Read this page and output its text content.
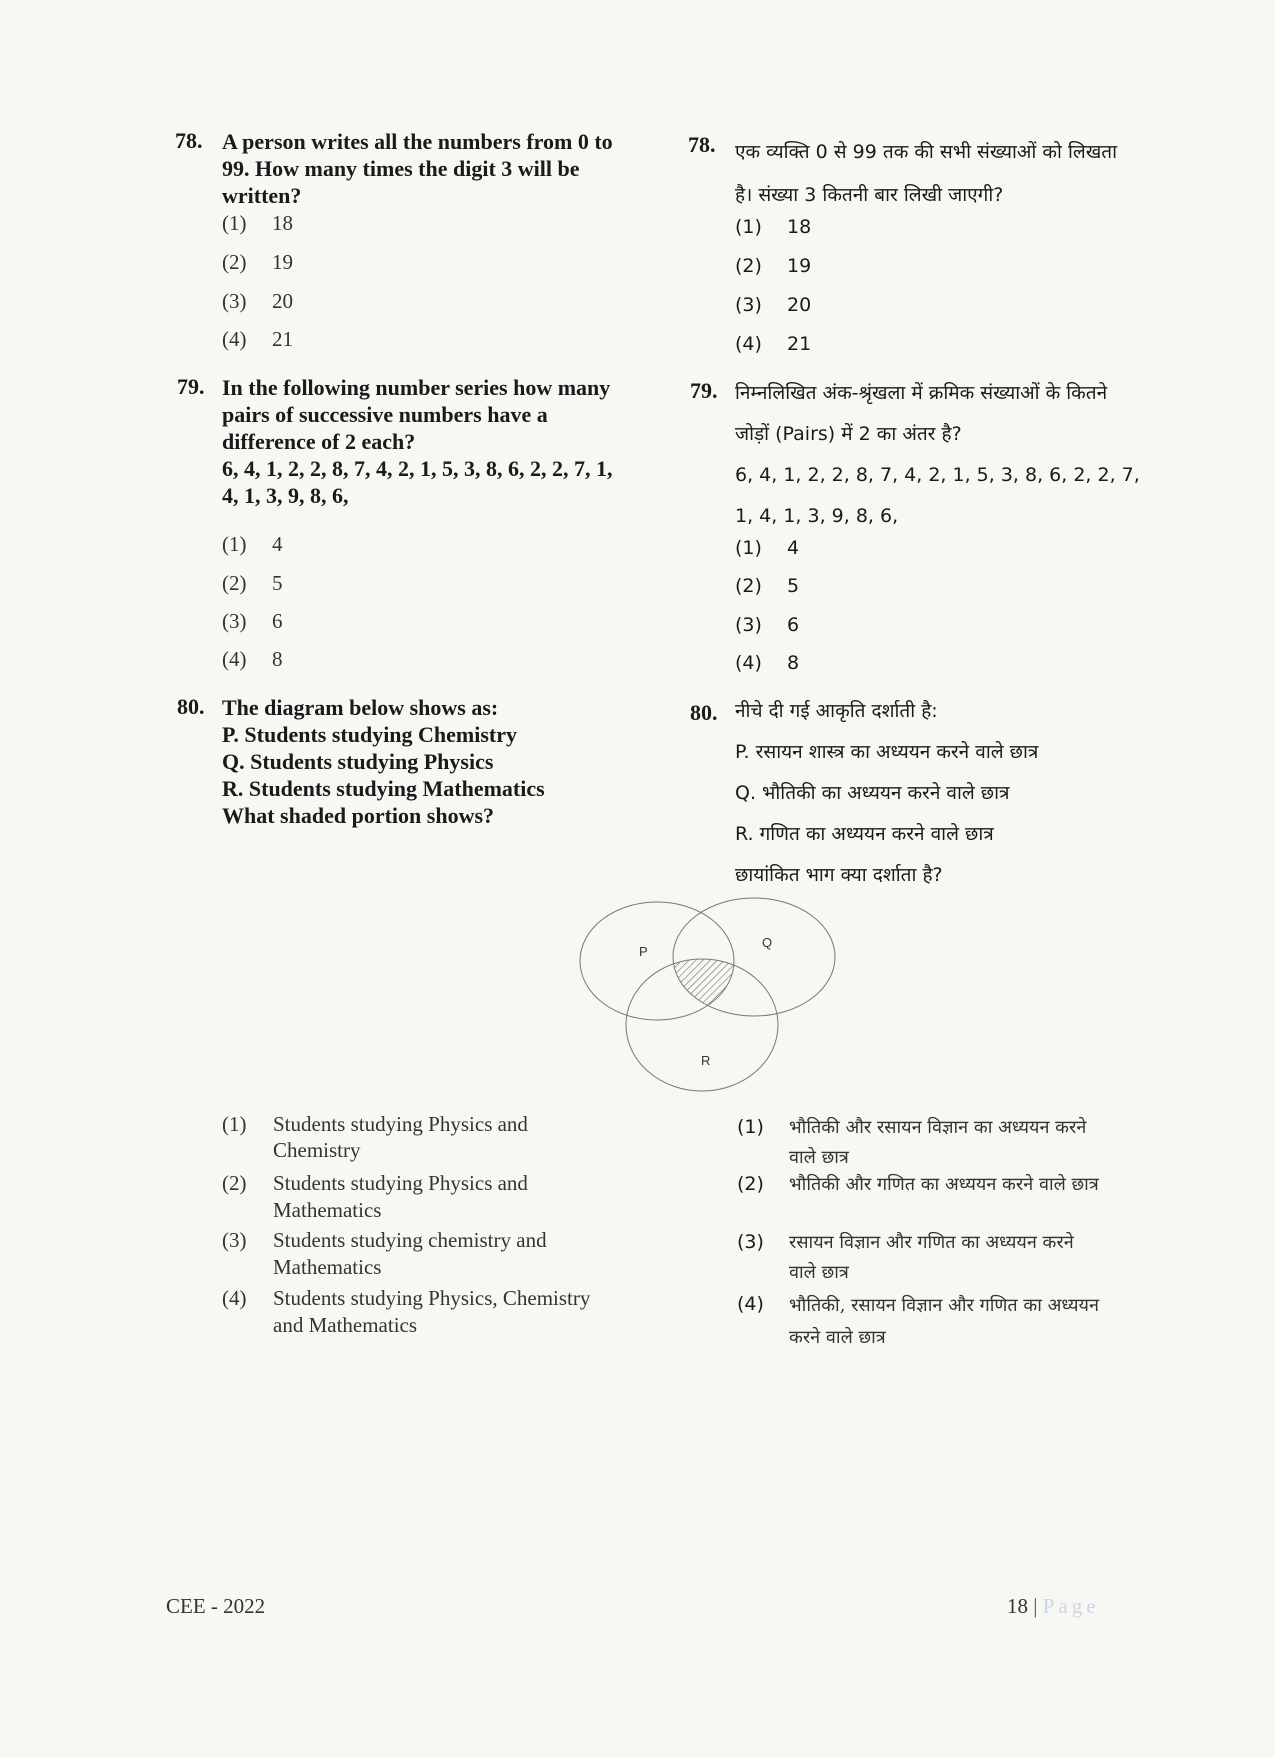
78. A person writes all the numbers from 0 to
99. How many times the digit 3 will be
written?
(1) 18
(2) 19
(3) 20
(4) 21
78. एक व्यक्ति 0 से 99 तक की सभी संख्याओं को लिखता
है। संख्या 3 कितनी बार लिखी जाएगी?
(1) 18
(2) 19
(3) 20
(4) 21
79. In the following number series how many
pairs of successive numbers have a
difference of 2 each?
6, 4, 1, 2, 2, 8, 7, 4, 2, 1, 5, 3, 8, 6, 2, 2, 7, 1,
4, 1, 3, 9, 8, 6,
(1) 4
(2) 5
(3) 6
(4) 8
79. निम्नलिखित अंक-श्रृंखला में क्रमिक संख्याओं के कितने
जोड़ों (Pairs) में 2 का अंतर है?
6, 4, 1, 2, 2, 8, 7, 4, 2, 1, 5, 3, 8, 6, 2, 2, 7,
1, 4, 1, 3, 9, 8, 6,
(1) 4
(2) 5
(3) 6
(4) 8
80. The diagram below shows as:
P. Students studying Chemistry
Q. Students studying Physics
R. Students studying Mathematics
What shaded portion shows?
80. नीचे दी गई आकृति दर्शाती है:
P. रसायन शास्त्र का अध्ययन करने वाले छात्र
Q. भौतिकी का अध्ययन करने वाले छात्र
R. गणित का अध्ययन करने वाले छात्र
छायांकित भाग क्या दर्शाता है?
P
Q
R
(1) Students studying Physics and
Chemistry
(2) Students studying Physics and
Mathematics
(3) Students studying chemistry and
Mathematics
(4) Students studying Physics, Chemistry
and Mathematics
(1) भौतिकी और रसायन विज्ञान का अध्ययन करने
वाले छात्र
(2) भौतिकी और गणित का अध्ययन करने वाले छात्र
(3) रसायन विज्ञान और गणित का अध्ययन करने
वाले छात्र
(4) भौतिकी, रसायन विज्ञान और गणित का अध्ययन
करने वाले छात्र
CEE - 2022	18 | Page
